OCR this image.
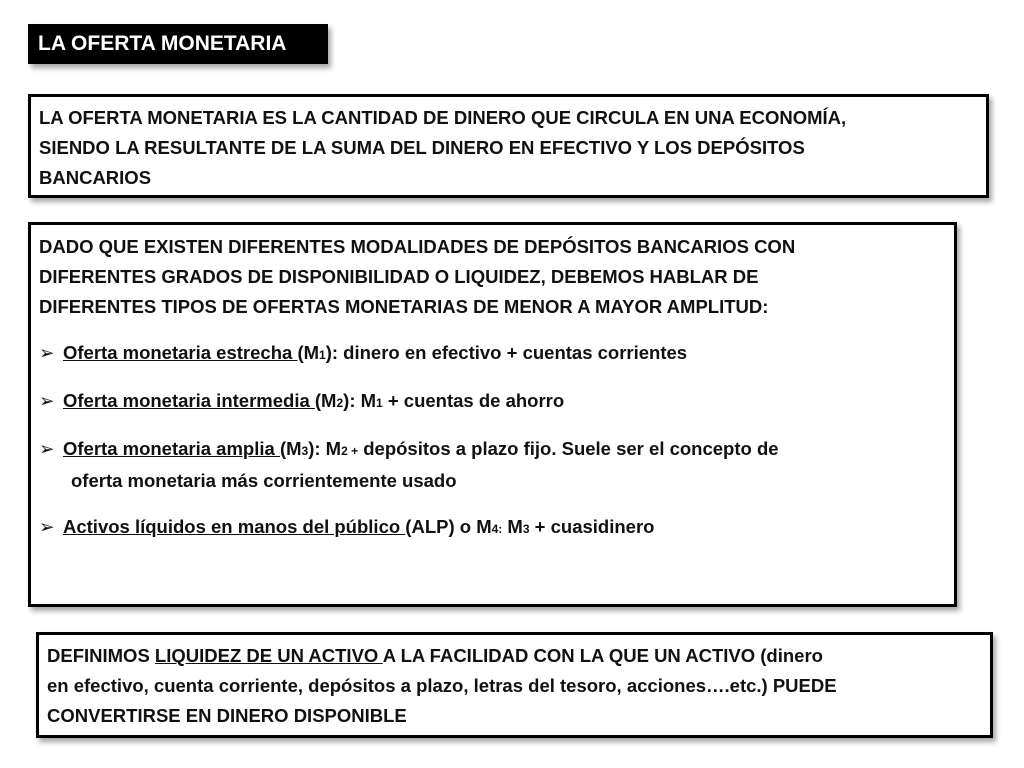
LA OFERTA MONETARIA
LA OFERTA MONETARIA ES LA CANTIDAD DE DINERO QUE CIRCULA EN UNA ECONOMÍA,
SIENDO LA RESULTANTE DE LA SUMA DEL DINERO EN EFECTIVO Y LOS DEPÓSITOS
BANCARIOS
DADO QUE EXISTEN DIFERENTES MODALIDADES DE DEPÓSITOS BANCARIOS CON
DIFERENTES GRADOS DE DISPONIBILIDAD O LIQUIDEZ, DEBEMOS HABLAR DE
DIFERENTES TIPOS DE OFERTAS MONETARIAS DE MENOR A MAYOR AMPLITUD:
➢ Oferta monetaria estrecha (M1): dinero en efectivo + cuentas corrientes
➢ Oferta monetaria intermedia (M2): M1 + cuentas de ahorro
➢ Oferta monetaria amplia (M3): M2 + depósitos a plazo fijo. Suele ser el concepto de
oferta monetaria más corrientemente usado
➢ Activos líquidos en manos del público (ALP) o M4: M3 + cuasidinero
DEFINIMOS LIQUIDEZ DE UN ACTIVO A LA FACILIDAD CON LA QUE UN ACTIVO (dinero
en efectivo, cuenta corriente, depósitos a plazo, letras del tesoro, acciones….etc.) PUEDE
CONVERTIRSE EN DINERO DISPONIBLE
